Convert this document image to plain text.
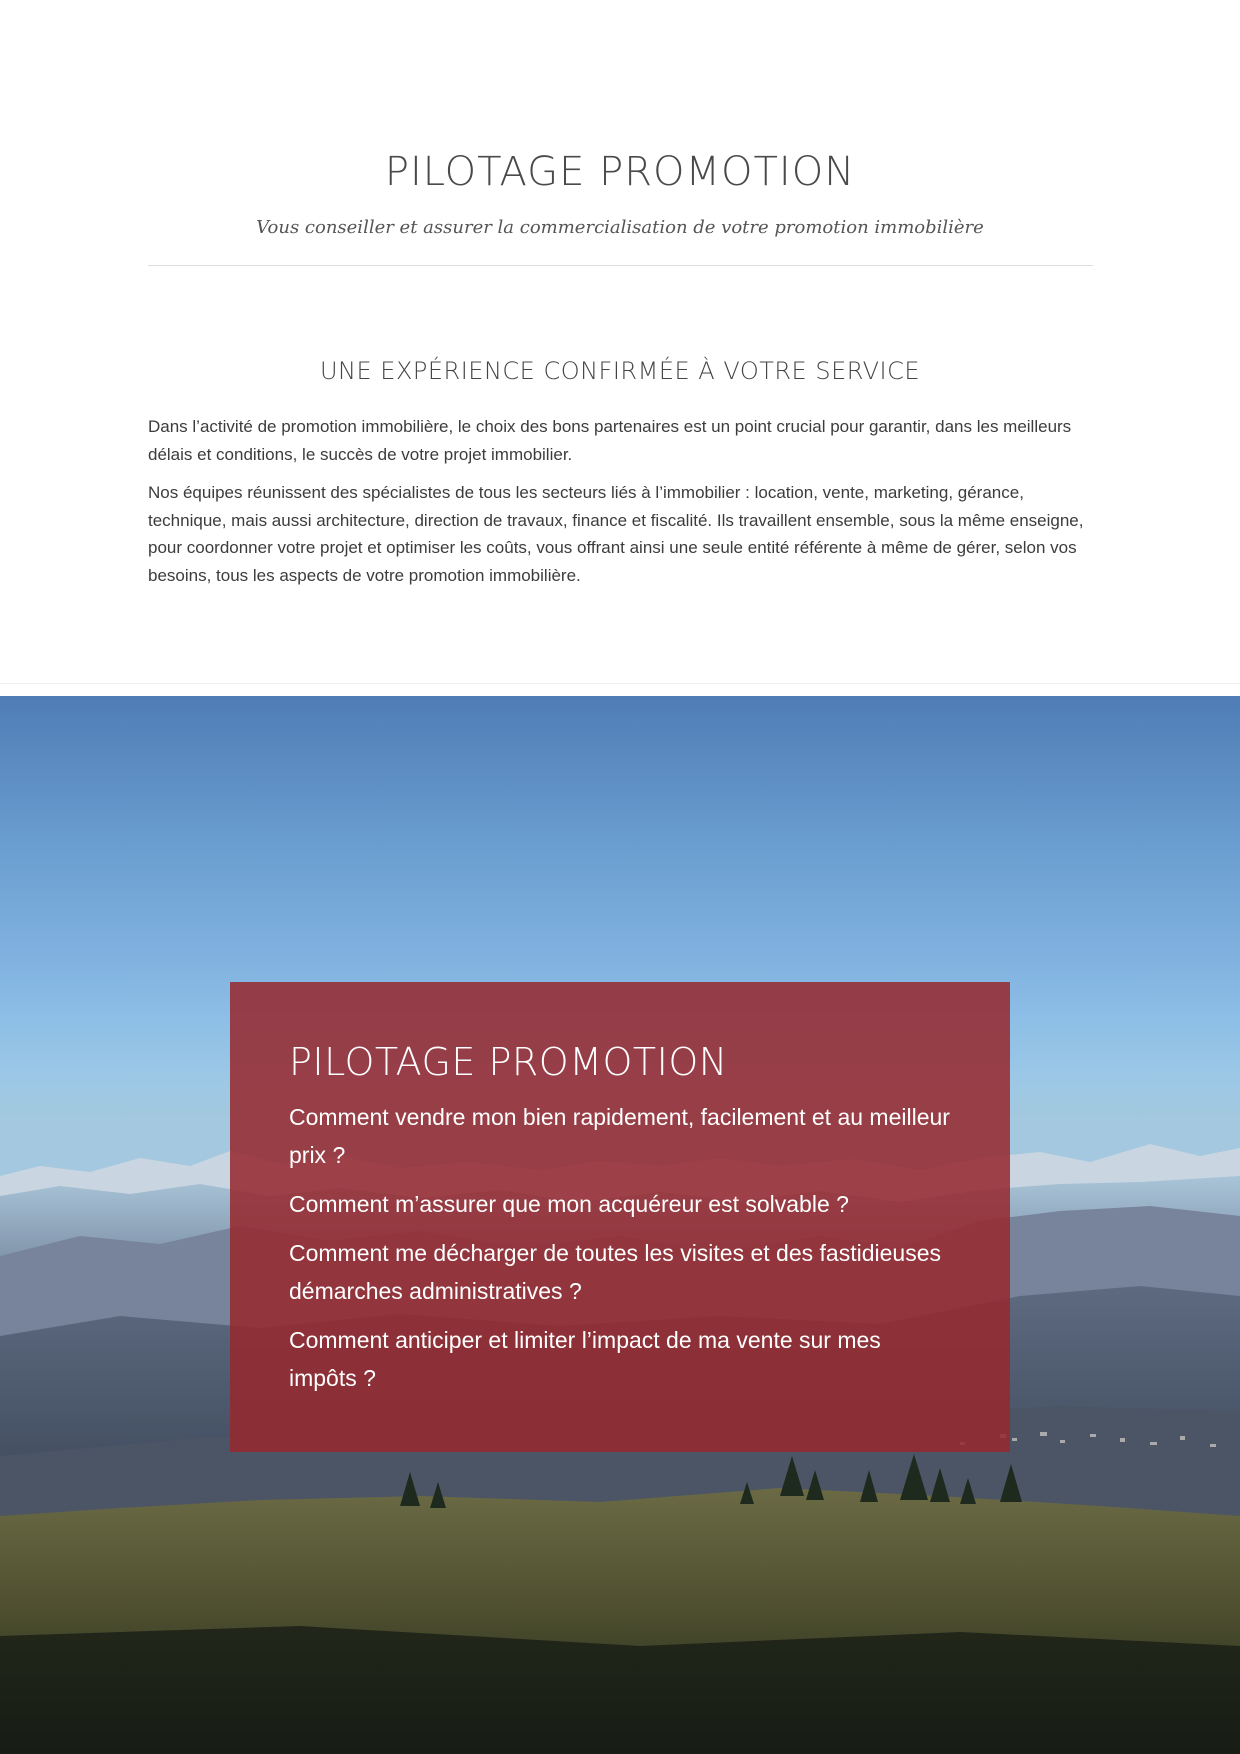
PILOTAGE PROMOTION
Vous conseiller et assurer la commercialisation de votre promotion immobilière
UNE EXPÉRIENCE CONFIRMÉE À VOTRE SERVICE

Dans l’activité de promotion immobilière, le choix des bons partenaires est un point crucial pour garantir, dans les meilleurs délais et conditions, le succès de votre projet immobilier.

Nos équipes réunissent des spécialistes de tous les secteurs liés à l’immobilier : location, vente, marketing, gérance, technique, mais aussi architecture, direction de travaux, finance et fiscalité. Ils travaillent ensemble, sous la même enseigne, pour coordonner votre projet et optimiser les coûts, vous offrant ainsi une seule entité référente à même de gérer, selon vos besoins, tous les aspects de votre promotion immobilière.

PILOTAGE PROMOTION

Comment vendre mon bien rapidement, facilement et au meilleur prix ?

Comment m’assurer que mon acquéreur est solvable ?

Comment me décharger de toutes les visites et des fastidieuses démarches administratives ?

Comment anticiper et limiter l’impact de ma vente sur mes impôts ?
